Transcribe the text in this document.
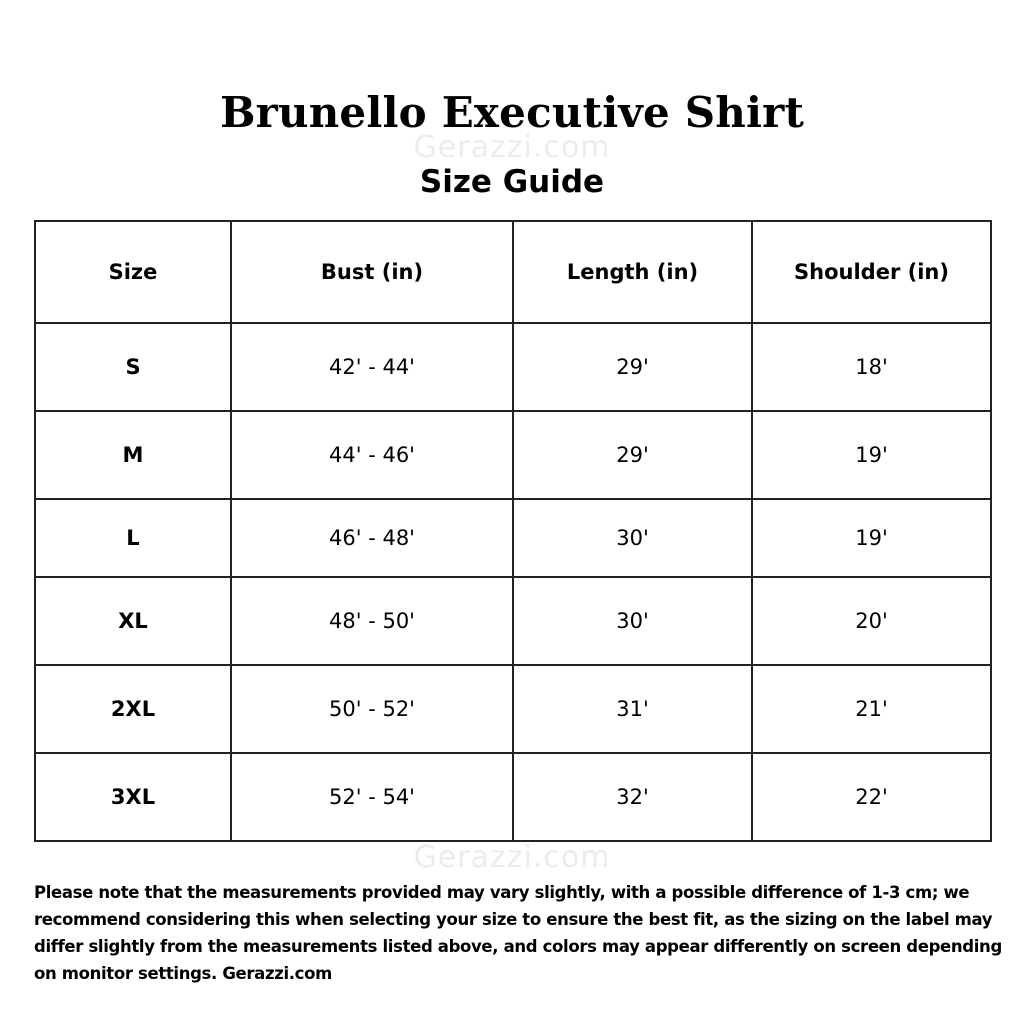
Brunello Executive Shirt
Gerazzi.com
Size Guide
Size	Bust (in)	Length (in)	Shoulder (in)
S	42' - 44'	29'	18'
M	44' - 46'	29'	19'
L	46' - 48'	30'	19'
XL	48' - 50'	30'	20'
2XL	50' - 52'	31'	21'
3XL	52' - 54'	32'	22'
Gerazzi.com
Please note that the measurements provided may vary slightly, with a possible difference of 1-3 cm; we recommend considering this when selecting your size to ensure the best fit, as the sizing on the label may differ slightly from the measurements listed above, and colors may appear differently on screen depending on monitor settings. Gerazzi.com
